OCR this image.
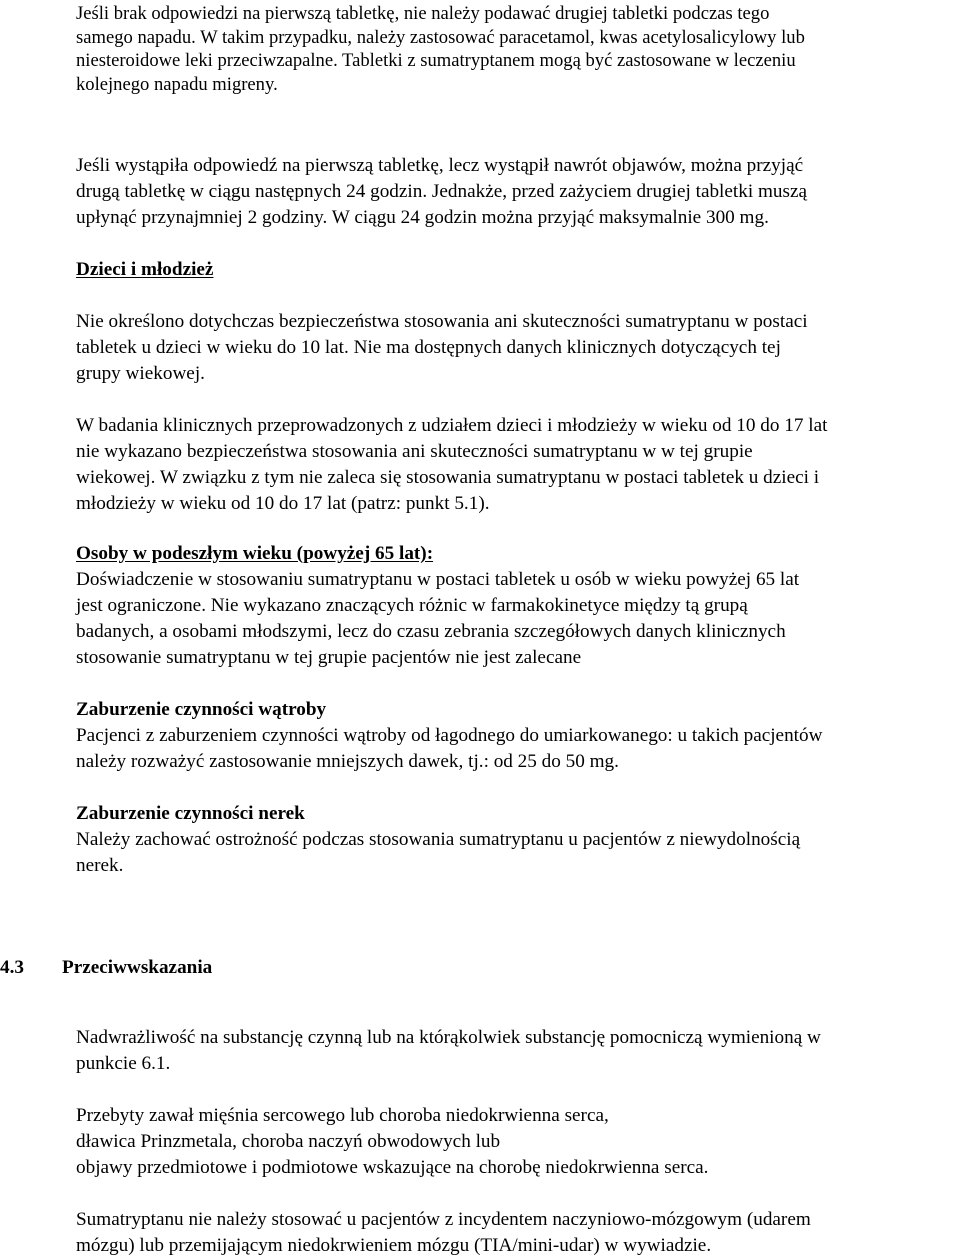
Jeśli brak odpowiedzi na pierwszą tabletkę, nie należy podawać drugiej tabletki podczas tego
samego napadu. W takim przypadku, należy zastosować paracetamol, kwas acetylosalicylowy lub
niesteroidowe leki przeciwzapalne. Tabletki z sumatryptanem mogą być zastosowane w leczeniu
kolejnego napadu migreny.
Jeśli wystąpiła odpowiedź na pierwszą tabletkę, lecz wystąpił nawrót objawów, można przyjąć
drugą tabletkę w ciągu następnych 24 godzin. Jednakże, przed zażyciem drugiej tabletki muszą
upłynąć przynajmniej 2 godziny. W ciągu 24 godzin można przyjąć maksymalnie 300 mg.
Dzieci i młodzież
Nie określono dotychczas bezpieczeństwa stosowania ani skuteczności sumatryptanu w postaci
tabletek u dzieci w wieku do 10 lat. Nie ma dostępnych danych klinicznych dotyczących tej
grupy wiekowej.
W badania klinicznych przeprowadzonych z udziałem dzieci i młodzieży w wieku od 10 do 17 lat
nie wykazano bezpieczeństwa stosowania ani skuteczności sumatryptanu w w tej grupie
wiekowej. W związku z tym nie zaleca się stosowania sumatryptanu w postaci tabletek u dzieci i
młodzieży w wieku od 10 do 17 lat (patrz: punkt 5.1).
Osoby w podeszłym wieku (powyżej 65 lat):
Doświadczenie w stosowaniu sumatryptanu w postaci tabletek u osób w wieku powyżej 65 lat
jest ograniczone. Nie wykazano znaczących różnic w farmakokinetyce między tą grupą
badanych, a osobami młodszymi, lecz do czasu zebrania szczegółowych danych klinicznych
stosowanie sumatryptanu w tej grupie pacjentów nie jest zalecane
Zaburzenie czynności wątroby
Pacjenci z zaburzeniem czynności wątroby od łagodnego do umiarkowanego: u takich pacjentów
należy rozważyć zastosowanie mniejszych dawek, tj.: od 25 do 50 mg.
Zaburzenie czynności nerek
Należy zachować ostrożność podczas stosowania sumatryptanu u pacjentów z niewydolnością
nerek.
4.3 Przeciwwskazania
Nadwrażliwość na substancję czynną lub na którąkolwiek substancję pomocniczą wymienioną w
punkcie 6.1.
Przebyty zawał mięśnia sercowego lub choroba niedokrwienna serca,
dławica Prinzmetala, choroba naczyń obwodowych lub
objawy przedmiotowe i podmiotowe wskazujące na chorobę niedokrwienna serca.
Sumatryptanu nie należy stosować u pacjentów z incydentem naczyniowo-mózgowym (udarem
mózgu) lub przemijającym niedokrwieniem mózgu (TIA/mini-udar) w wywiadzie.
